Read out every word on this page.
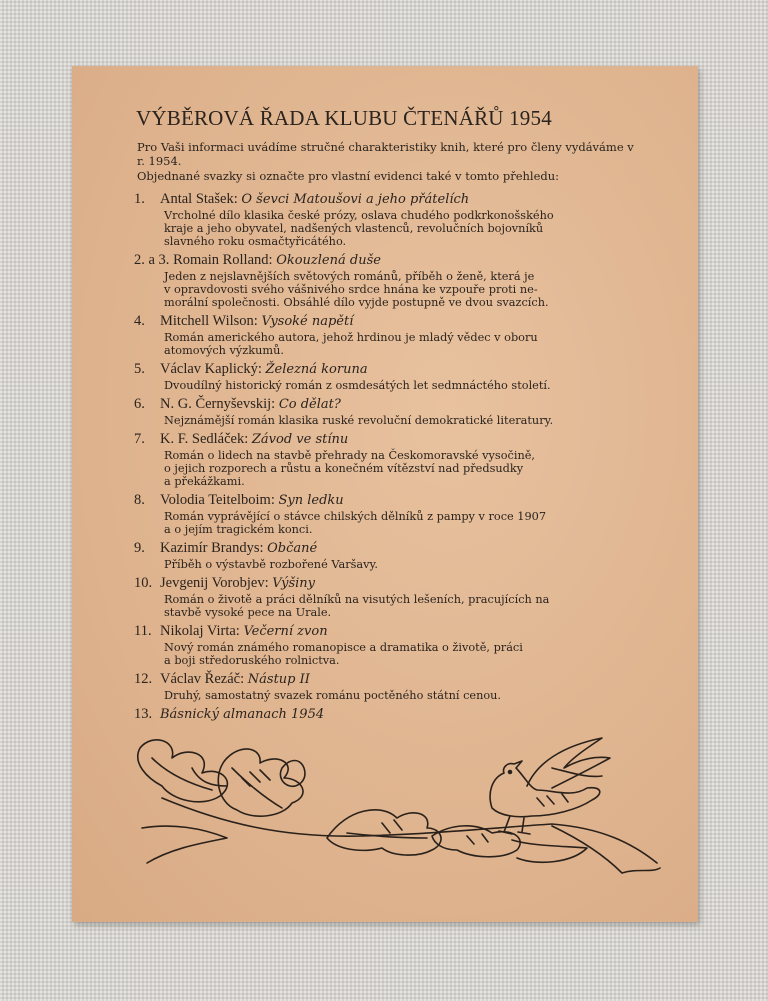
VÝBĚROVÁ ŘADA KLUBU ČTENÁŘŮ 1954

Pro Vaši informaci uvádíme stručné charakteristiky knih, které pro členy vydáváme v r. 1954.

Objednané svazky si označte pro vlastní evidenci také v tomto přehledu:

1. Antal Stašek: O ševci Matoušovi a jeho přátelích
Vrcholné dílo klasika české prózy, oslava chudého podkrkonošského
kraje a jeho obyvatel, nadšených vlastenců, revolučních bojovníků
slavného roku osmačtyřicátého.
2. a 3. Romain Rolland: Okouzlená duše
Jeden z nejslavnějších světových románů, příběh o ženě, která je
v opravdovosti svého vášnivého srdce hnána ke vzpouře proti ne-
morální společnosti. Obsáhlé dílo vyjde postupně ve dvou svazcích.
4. Mitchell Wilson: Vysoké napětí
Román amerického autora, jehož hrdinou je mladý vědec v oboru
atomových výzkumů.
5. Václav Kaplický: Železná koruna
Dvoudílný historický román z osmdesátých let sedmnáctého století.
6. N. G. Černyševskij: Co dělat?
Nejznámější román klasika ruské revoluční demokratické literatury.
7. K. F. Sedláček: Závod ve stínu
Román o lidech na stavbě přehrady na Českomoravské vysočině,
o jejich rozporech a růstu a konečném vítězství nad předsudky
a překážkami.
8. Volodia Teitelboim: Syn ledku
Román vyprávějící o stávce chilských dělníků z pampy v roce 1907
a o jejím tragickém konci.
9. Kazimír Brandys: Občané
Příběh o výstavbě rozbořené Varšavy.
10. Jevgenij Vorobjev: Výšiny
Román o životě a práci dělníků na visutých lešeních, pracujících na
stavbě vysoké pece na Urale.
11. Nikolaj Virta: Večerní zvon
Nový román známého romanopisce a dramatika o životě, práci
a boji středoruského rolnictva.
12. Václav Řezáč: Nástup II
Druhý, samostatný svazek románu poctěného státní cenou.
13. Básnický almanach 1954
